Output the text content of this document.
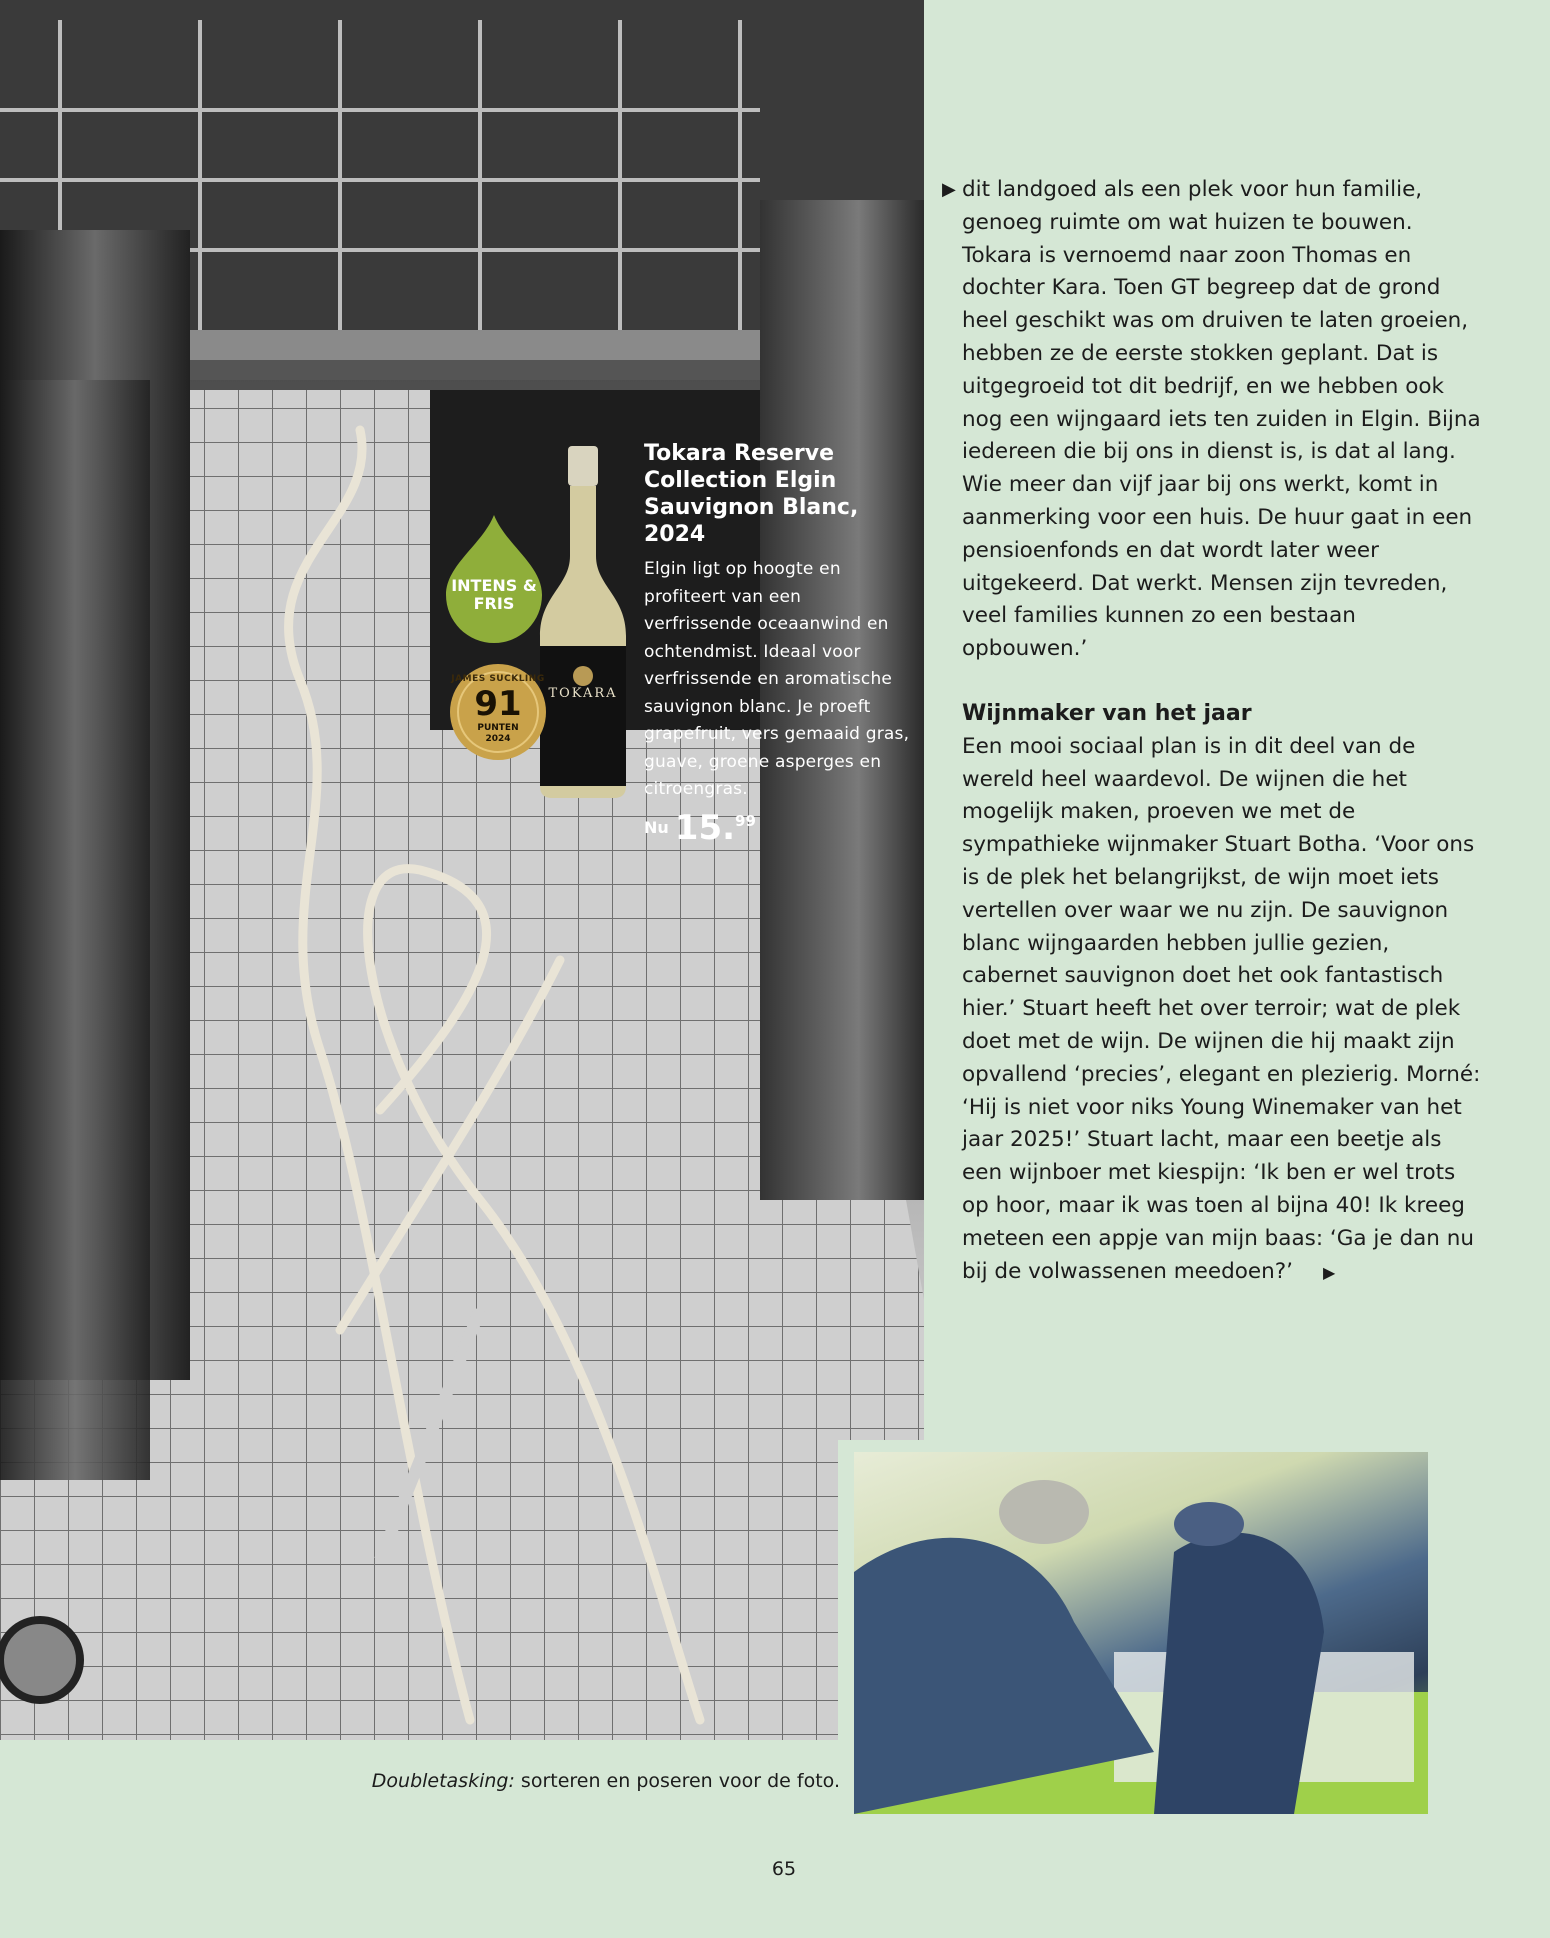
TOKARA
INTENS & FRIS
JAMES SUCKLING
91
PUNTEN
2024
Tokara Reserve Collection Elgin Sauvignon Blanc, 2024
Elgin ligt op hoogte en profiteert van een verfrissende oceaanwind en ochtendmist. Ideaal voor verfrissende en aromatische sauvignon blanc. Je proeft grapefruit, vers gemaaid gras, guave, groene asperges en citroengras.
Nu 15. 99
▶ dit landgoed als een plek voor hun familie, genoeg ruimte om wat huizen te bouwen. Tokara is vernoemd naar zoon Thomas en dochter Kara. Toen GT begreep dat de grond heel geschikt was om druiven te laten groeien, hebben ze de eerste stokken geplant. Dat is uitgegroeid tot dit bedrijf, en we hebben ook nog een wijngaard iets ten zuiden in Elgin. Bijna iedereen die bij ons in dienst is, is dat al lang. Wie meer dan vijf jaar bij ons werkt, komt in aanmerking voor een huis. De huur gaat in een pensioenfonds en dat wordt later weer uitgekeerd. Dat werkt. Mensen zijn tevreden, veel families kunnen zo een bestaan opbouwen.’

Wijnmaker van het jaar

Een mooi sociaal plan is in dit deel van de wereld heel waardevol. De wijnen die het mogelijk maken, proeven we met de sympathieke wijnmaker Stuart Botha. ‘Voor ons is de plek het belangrijkst, de wijn moet iets vertellen over waar we nu zijn. De sauvignon blanc wijngaarden hebben jullie gezien, cabernet sauvignon doet het ook fantastisch hier.’ Stuart heeft het over terroir; wat de plek doet met de wijn. De wijnen die hij maakt zijn opvallend ‘precies’, elegant en plezierig. Morné: ‘Hij is niet voor niks Young Winemaker van het jaar 2025!’ Stuart lacht, maar een beetje als een wijnboer met kiespijn: ‘Ik ben er wel trots op hoor, maar ik was toen al bijna 40! Ik kreeg meteen een appje van mijn baas: ‘Ga je dan nu bij de volwassenen meedoen?’ ▶

Doubletasking: sorteren en poseren voor de foto.
65
